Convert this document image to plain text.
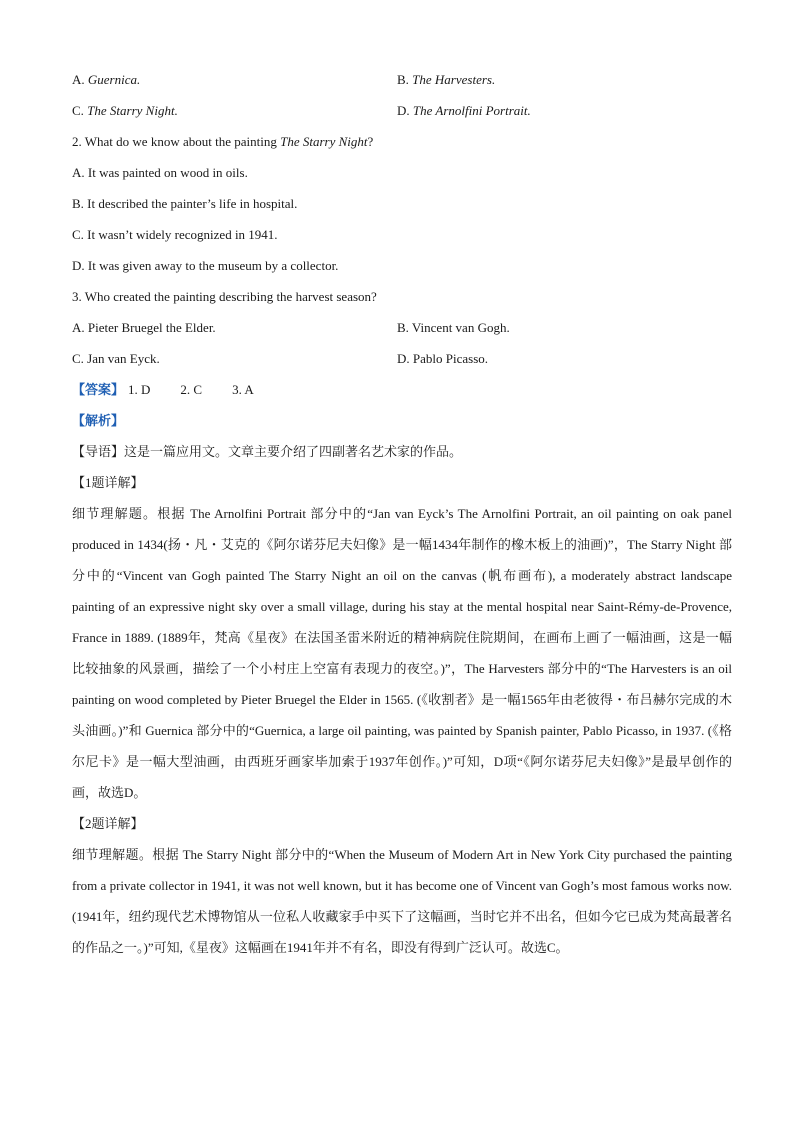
A. Guernica.	B. The Harvesters.
C. The Starry Night.	D. The Arnolfini Portrait.
2. What do we know about the painting The Starry Night?
A. It was painted on wood in oils.
B. It described the painter’s life in hospital.
C. It wasn’t widely recognized in 1941.
D. It was given away to the museum by a collector.
3. Who created the painting describing the harvest season?
A. Pieter Bruegel the Elder.	B. Vincent van Gogh.
C. Jan van Eyck.	D. Pablo Picasso.
【答案】 1. D 2. C 3. A
【解析】
【导语】这是一篇应用文。文章主要介绍了四副著名艺术家的作品。
【1题详解】

细节理解题。根据 The Arnolfini Portrait 部分中的“Jan van Eyck’s The Arnolfini Portrait, an oil painting on oak panel produced in 1434(扬・凡・艾克的《阿尔诺芬尼夫妇像》是一幅1434年制作的橡木板上的油画)”，The Starry Night 部分中的“Vincent van Gogh painted The Starry Night an oil on the canvas (帆布画布), a moderately abstract landscape painting of an expressive night sky over a small village, during his stay at the mental hospital near Saint-Rémy-de-Provence, France in 1889. (1889年，梵高《星夜》在法国圣雷米附近的精神病院住院期间，在画布上画了一幅油画，这是一幅比较抽象的风景画，描绘了一个小村庄上空富有表现力的夜空。)”，The Harvesters 部分中的“The Harvesters is an oil painting on wood completed by Pieter Bruegel the Elder in 1565. (《收割者》是一幅1565年由老彼得・布吕赫尔完成的木头油画。)”和 Guernica 部分中的“Guernica, a large oil painting, was painted by Spanish painter, Pablo Picasso, in 1937. (《格尔尼卡》是一幅大型油画，由西班牙画家毕加索于1937年创作。)”可知，D项“《阿尔诺芬尼夫妇像》”是最早创作的画，故选D。

【2题详解】

细节理解题。根据 The Starry Night 部分中的“When the Museum of Modern Art in New York City purchased the painting from a private collector in 1941, it was not well known, but it has become one of Vincent van Gogh’s most famous works now.(1941年，纽约现代艺术博物馆从一位私人收藏家手中买下了这幅画，当时它并不出名，但如今它已成为梵高最著名的作品之一。)”可知,《星夜》这幅画在1941年并不有名，即没有得到广泛认可。故选C。
